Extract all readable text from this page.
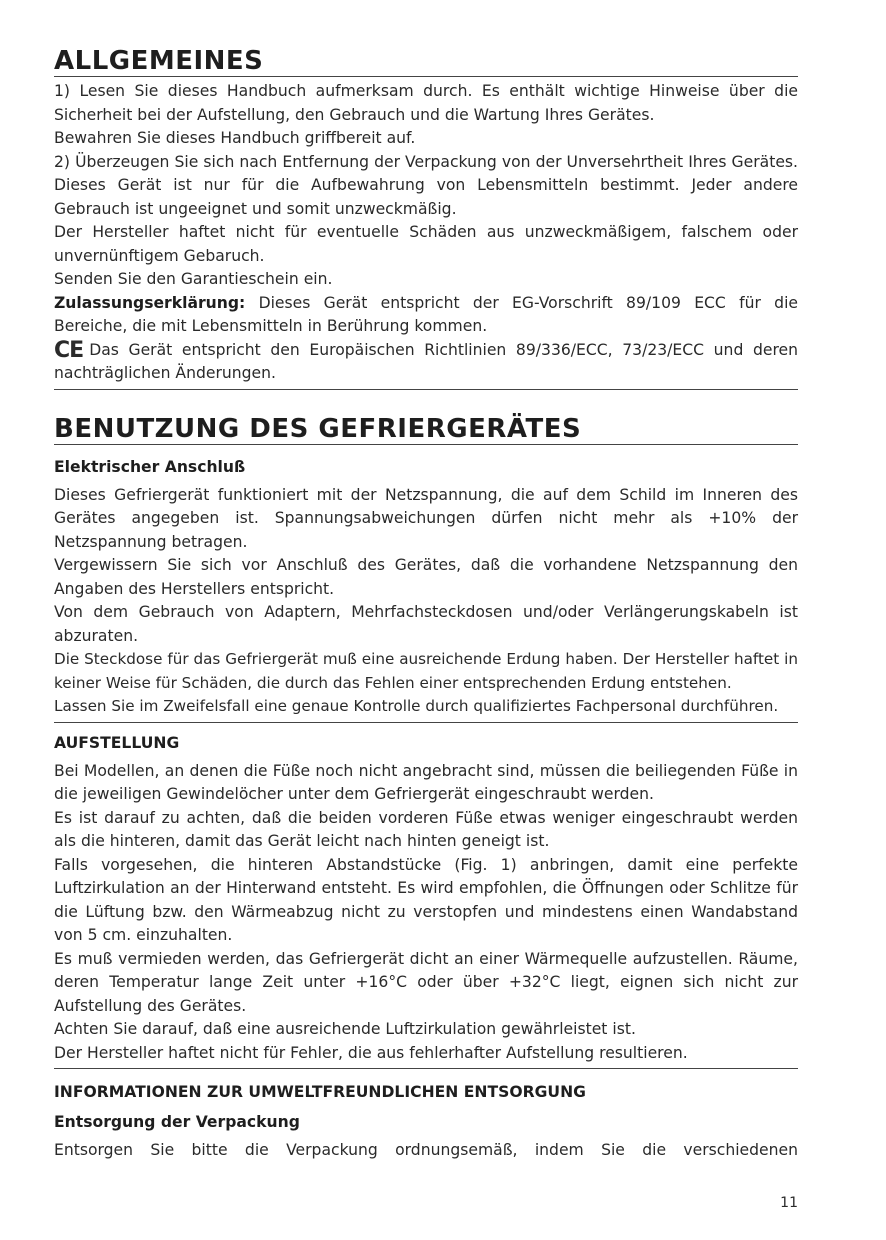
ALLGEMEINES

1) Lesen Sie dieses Handbuch aufmerksam durch. Es enthält wichtige Hinweise über die Sicherheit bei der Aufstellung, den Gebrauch und die Wartung Ihres Gerätes.

Bewahren Sie dieses Handbuch griffbereit auf.

2) Überzeugen Sie sich nach Entfernung der Verpackung von der Unversehrtheit Ihres Gerätes. Dieses Gerät ist nur für die Aufbewahrung von Lebensmitteln bestimmt. Jeder andere Gebrauch ist ungeeignet und somit unzweckmäßig.

Der Hersteller haftet nicht für eventuelle Schäden aus unzweckmäßigem, falschem oder unvernünftigem Gebaruch.

Senden Sie den Garantieschein ein.

Zulassungserklärung: Dieses Gerät entspricht der EG-Vorschrift 89/109 ECC für die Bereiche, die mit Lebensmitteln in Berührung kommen.

CE Das Gerät entspricht den Europäischen Richtlinien 89/336/ECC, 73/23/ECC und deren nachträglichen Änderungen.

BENUTZUNG DES GEFRIERGERÄTES
Elektrischer Anschluß

Dieses Gefriergerät funktioniert mit der Netzspannung, die auf dem Schild im Inneren des Gerätes angegeben ist. Spannungsabweichungen dürfen nicht mehr als +10% der Netzspannung betragen.

Vergewissern Sie sich vor Anschluß des Gerätes, daß die vorhandene Netzspannung den Angaben des Herstellers entspricht.

Von dem Gebrauch von Adaptern, Mehrfachsteckdosen und/oder Verlängerungskabeln ist abzuraten.

Die Steckdose für das Gefriergerät muß eine ausreichende Erdung haben. Der Hersteller haftet in keiner Weise für Schäden, die durch das Fehlen einer entsprechenden Erdung entstehen.

Lassen Sie im Zweifelsfall eine genaue Kontrolle durch qualifiziertes Fachpersonal durchführen.

AUFSTELLUNG

Bei Modellen, an denen die Füße noch nicht angebracht sind, müssen die beiliegenden Füße in die jeweiligen Gewindelöcher unter dem Gefriergerät eingeschraubt werden.

Es ist darauf zu achten, daß die beiden vorderen Füße etwas weniger eingeschraubt werden als die hinteren, damit das Gerät leicht nach hinten geneigt ist.

Falls vorgesehen, die hinteren Abstandstücke (Fig. 1) anbringen, damit eine perfekte Luftzirkulation an der Hinterwand entsteht. Es wird empfohlen, die Öffnungen oder Schlitze für die Lüftung bzw. den Wärmeabzug nicht zu verstopfen und mindestens einen Wandabstand von 5 cm. einzuhalten.

Es muß vermieden werden, das Gefriergerät dicht an einer Wärmequelle aufzustellen. Räume, deren Temperatur lange Zeit unter +16°C oder über +32°C liegt, eignen sich nicht zur Aufstellung des Gerätes.

Achten Sie darauf, daß eine ausreichende Luftzirkulation gewährleistet ist.

Der Hersteller haftet nicht für Fehler, die aus fehlerhafter Aufstellung resultieren.

INFORMATIONEN ZUR UMWELTFREUNDLICHEN ENTSORGUNG
Entsorgung der Verpackung

Entsorgen Sie bitte die Verpackung ordnungsemäß, indem Sie die verschiedenen

11
